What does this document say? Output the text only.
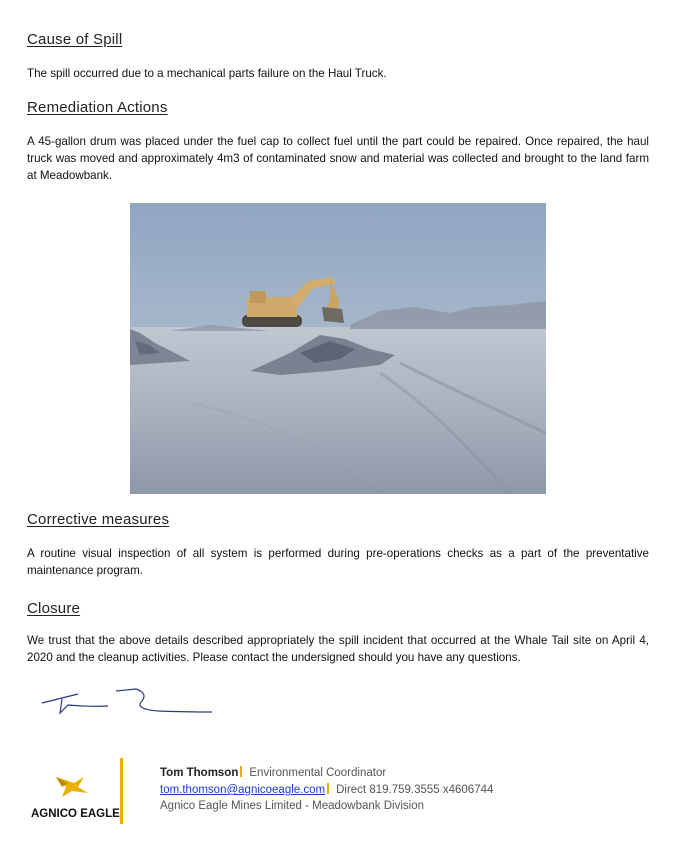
Cause of Spill

The spill occurred due to a mechanical parts failure on the Haul Truck.

Remediation Actions

A 45-gallon drum was placed under the fuel cap to collect fuel until the part could be repaired. Once repaired, the haul truck was moved and approximately 4m3 of contaminated snow and material was collected and brought to the land farm at Meadowbank.

Corrective measures

A routine visual inspection of all system is performed during pre-operations checks as a part of the preventative maintenance program.

Closure

We trust that the above details described appropriately the spill incident that occurred at the Whale Tail site on April 4, 2020 and the cleanup activities. Please contact the undersigned should you have any questions.

AGNICO EAGLE
Tom Thomson Environmental Coordinator
tom.thomson@agnicoeagle.com Direct 819.759.3555 x4606744
Agnico Eagle Mines Limited - Meadowbank Division
